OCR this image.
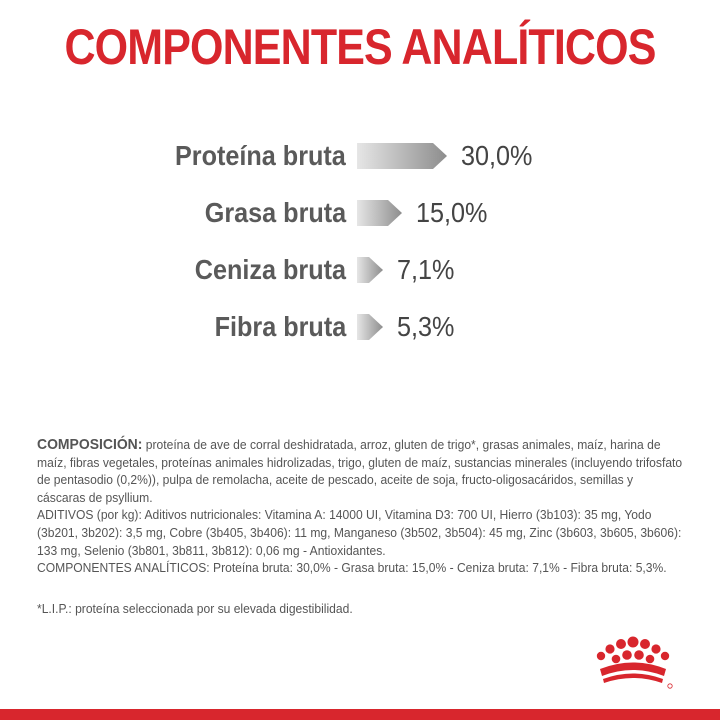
COMPONENTES ANALÍTICOS
Proteína bruta	30,0%
Grasa bruta	15,0%
Ceniza bruta 7,1%
Fibra bruta 5,3%

COMPOSICIÓN: proteína de ave de corral deshidratada, arroz, gluten de trigo*, grasas animales, maíz, harina de maíz, fibras vegetales, proteínas animales hidrolizadas, trigo, gluten de maíz, sustancias minerales (incluyendo trifosfato de pentasodio (0,2%)), pulpa de remolacha, aceite de pescado, aceite de soja, fructo-oligosacáridos, semillas y cáscaras de psyllium.

ADITIVOS (por kg): Aditivos nutricionales: Vitamina A: 14000 UI, Vitamina D3: 700 UI, Hierro (3b103): 35 mg, Yodo (3b201, 3b202): 3,5 mg, Cobre (3b405, 3b406): 11 mg, Manganeso (3b502, 3b504): 45 mg, Zinc (3b603, 3b605, 3b606): 133 mg, Selenio (3b801, 3b811, 3b812): 0,06 mg - Antioxidantes.

COMPONENTES ANALÍTICOS: Proteína bruta: 30,0% - Grasa bruta: 15,0% - Ceniza bruta: 7,1% - Fibra bruta: 5,3%.

*L.I.P.: proteína seleccionada por su elevada digestibilidad.
